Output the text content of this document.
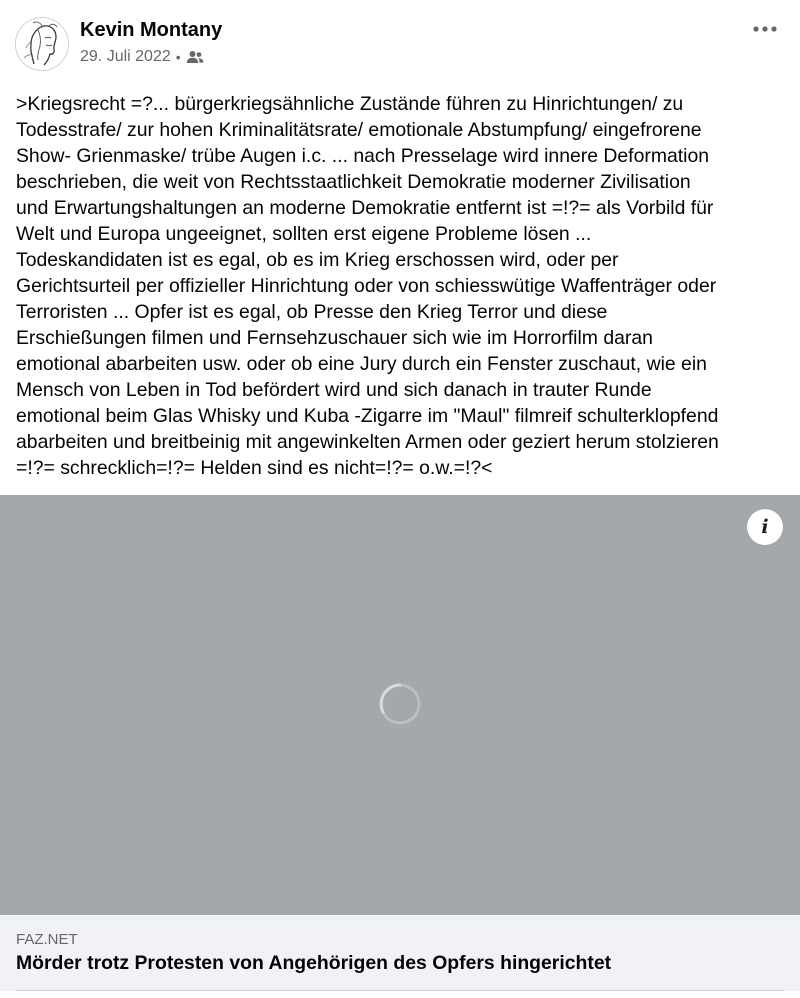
Kevin Montany
29. Juli 2022 •
>Kriegsrecht =?... bürgerkriegsähnliche Zustände führen zu Hinrichtungen/ zu
Todesstrafe/ zur hohen Kriminalitätsrate/ emotionale Abstumpfung/ eingefrorene
Show- Grienmaske/ trübe Augen i.c. ... nach Presselage wird innere Deformation
beschrieben, die weit von Rechtsstaatlichkeit Demokratie moderner Zivilisation
und Erwartungshaltungen an moderne Demokratie entfernt ist =!?= als Vorbild für
Welt und Europa ungeeignet, sollten erst eigene Probleme lösen ...
Todeskandidaten ist es egal, ob es im Krieg erschossen wird, oder per
Gerichtsurteil per offizieller Hinrichtung oder von schiesswütige Waffenträger oder
Terroristen ... Opfer ist es egal, ob Presse den Krieg Terror und diese
Erschießungen filmen und Fernsehzuschauer sich wie im Horrorfilm daran
emotional abarbeiten usw. oder ob eine Jury durch ein Fenster zuschaut, wie ein
Mensch von Leben in Tod befördert wird und sich danach in trauter Runde
emotional beim Glas Whisky und Kuba -Zigarre im "Maul" filmreif schulterklopfend
abarbeiten und breitbeinig mit angewinkelten Armen oder geziert herum stolzieren
=!?= schrecklich=!?= Helden sind es nicht=!?= o.w.=!?<
i
FAZ.NET
Mörder trotz Protesten von Angehörigen des Opfers hingerichtet
